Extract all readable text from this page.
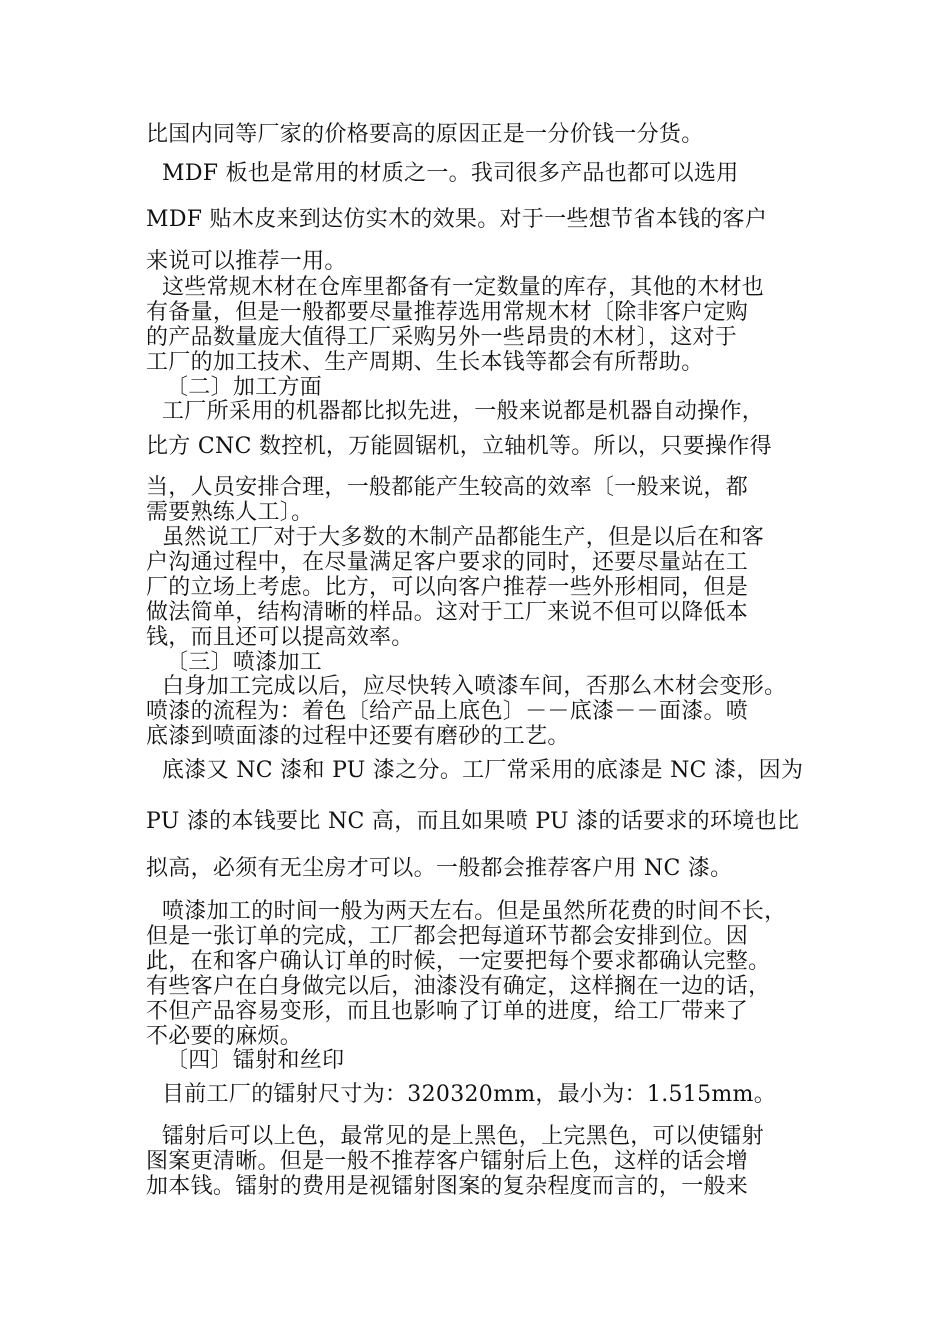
比国内同等厂家的价格要高的原因正是一分价钱一分货。
MDF 板也是常用的材质之一。我司很多产品也都可以选用
MDF 贴木皮来到达仿实木的效果。对于一些想节省本钱的客户
来说可以推荐一用。
这些常规木材在仓库里都备有一定数量的库存，其他的木材也
有备量，但是一般都要尽量推荐选用常规木材〔除非客户定购
的产品数量庞大值得工厂采购另外一些昂贵的木材〕，这对于
工厂的加工技术、生产周期、生长本钱等都会有所帮助。
〔二〕加工方面
工厂所采用的机器都比拟先进，一般来说都是机器自动操作，
比方 CNC 数控机，万能圆锯机，立轴机等。所以，只要操作得
当，人员安排合理，一般都能产生较高的效率〔一般来说，都
需要熟练人工〕。
虽然说工厂对于大多数的木制产品都能生产，但是以后在和客
户沟通过程中，在尽量满足客户要求的同时，还要尽量站在工
厂的立场上考虑。比方，可以向客户推荐一些外形相同，但是
做法简单，结构清晰的样品。这对于工厂来说不但可以降低本
钱，而且还可以提高效率。
〔三〕喷漆加工
白身加工完成以后，应尽快转入喷漆车间，否那么木材会变形。
喷漆的流程为：着色〔给产品上底色〕－－底漆－－面漆。喷
底漆到喷面漆的过程中还要有磨砂的工艺。
底漆又 NC 漆和 PU 漆之分。工厂常采用的底漆是 NC 漆，因为
PU 漆的本钱要比 NC 高，而且如果喷 PU 漆的话要求的环境也比
拟高，必须有无尘房才可以。一般都会推荐客户用 NC 漆。
喷漆加工的时间一般为两天左右。但是虽然所花费的时间不长，
但是一张订单的完成，工厂都会把每道环节都会安排到位。因
此，在和客户确认订单的时候，一定要把每个要求都确认完整。
有些客户在白身做完以后，油漆没有确定，这样搁在一边的话，
不但产品容易变形，而且也影响了订单的进度，给工厂带来了
不必要的麻烦。
〔四〕镭射和丝印
目前工厂的镭射尺寸为：320320mm，最小为：1.515mm。
镭射后可以上色，最常见的是上黑色，上完黑色，可以使镭射
图案更清晰。但是一般不推荐客户镭射后上色，这样的话会增
加本钱。镭射的费用是视镭射图案的复杂程度而言的，一般来
